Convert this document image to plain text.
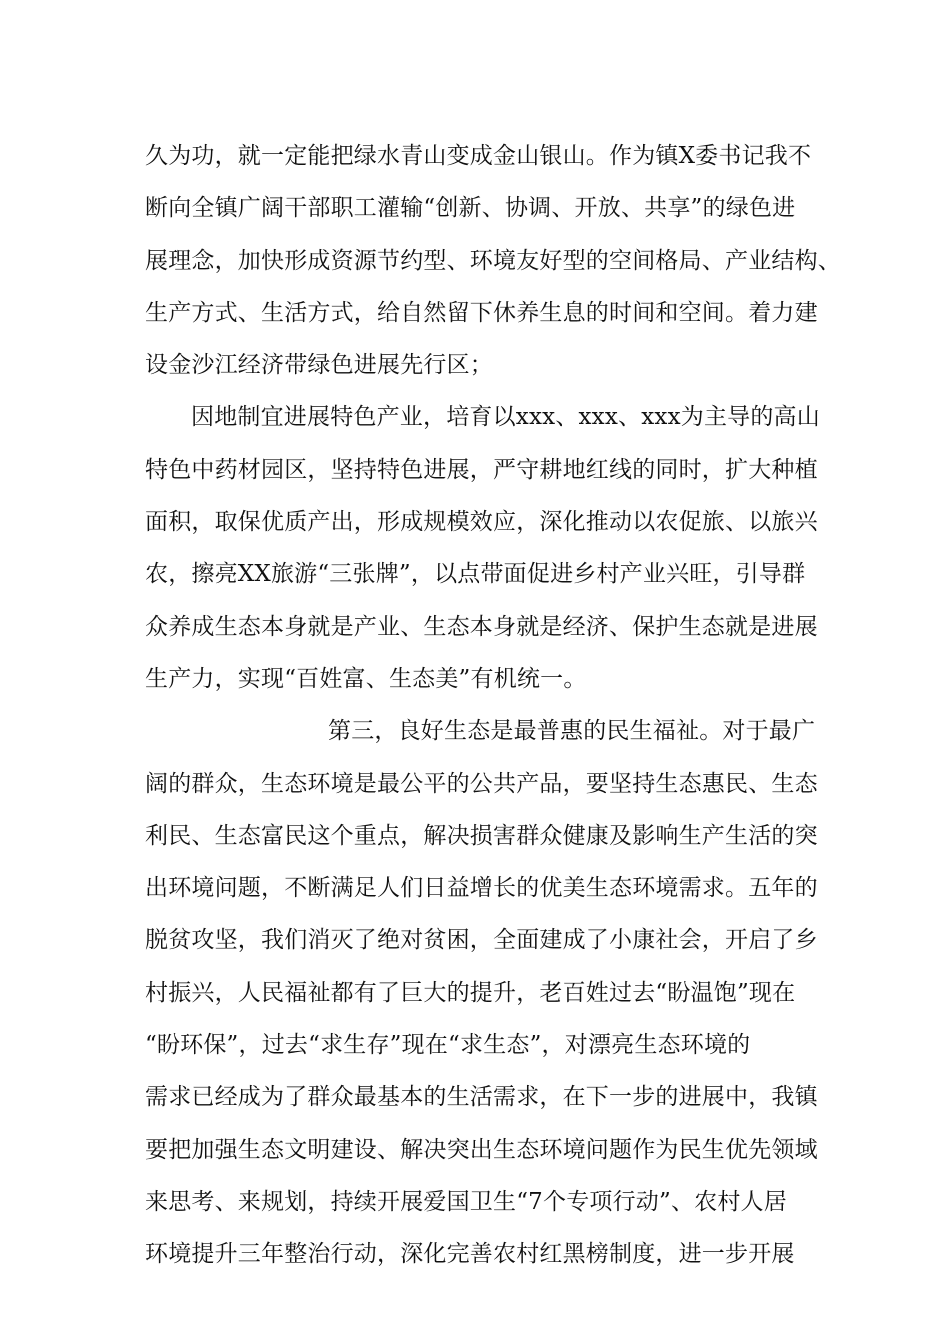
久为功，就一定能把绿水青山变成金山银山。作为镇X委书记我不
断向全镇广阔干部职工灌输“创新、协调、开放、共享”的绿色进
展理念，加快形成资源节约型、环境友好型的空间格局、产业结构、
生产方式、生活方式，给自然留下休养生息的时间和空间。着力建
设金沙江经济带绿色进展先行区；
因地制宜进展特色产业，培育以xxx、xxx、xxx为主导的高山
特色中药材园区，坚持特色进展，严守耕地红线的同时，扩大种植
面积，取保优质产出，形成规模效应，深化推动以农促旅、以旅兴
农，擦亮XX旅游“三张牌”，以点带面促进乡村产业兴旺，引导群
众养成生态本身就是产业、生态本身就是经济、保护生态就是进展
生产力，实现“百姓富、生态美”有机统一。
第三，良好生态是最普惠的民生福祉。对于最广
阔的群众，生态环境是最公平的公共产品，要坚持生态惠民、生态
利民、生态富民这个重点，解决损害群众健康及影响生产生活的突
出环境问题，不断满足人们日益增长的优美生态环境需求。五年的
脱贫攻坚，我们消灭了绝对贫困，全面建成了小康社会，开启了乡
村振兴，人民福祉都有了巨大的提升，老百姓过去“盼温饱”现在
“盼环保”，过去“求生存”现在“求生态”，对漂亮生态环境的
需求已经成为了群众最基本的生活需求，在下一步的进展中，我镇
要把加强生态文明建设、解决突出生态环境问题作为民生优先领域
来思考、来规划，持续开展爱国卫生“7个专项行动”、农村人居
环境提升三年整治行动，深化完善农村红黑榜制度，进一步开展
